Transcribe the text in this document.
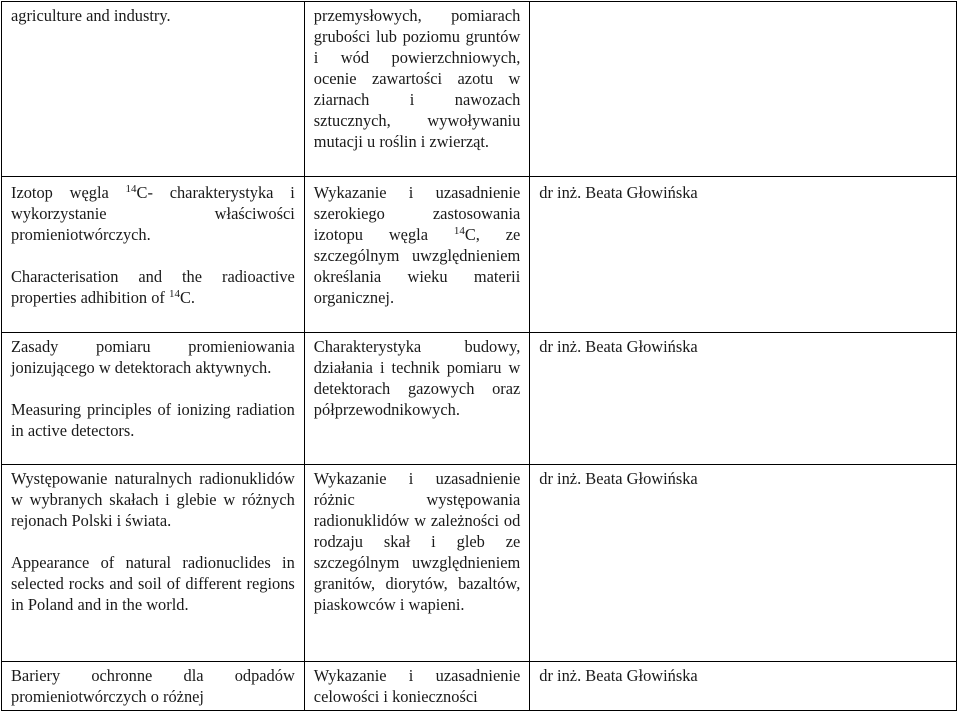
agriculture and industry.	przemysłowych, pomiarach grubości lub poziomu gruntów i wód powierzchniowych, ocenie zawartości azotu w ziarnach i nawozach sztucznych, wywoływaniu mutacji u roślin i zwierząt.	

Izotop węgla $^{14}$C- charakterystyka i wykorzystanie właściwości promieniotwórczych.
Characterisation and the radioactive properties adhibition of $^{14}$C.	Wykazanie i uzasadnienie szerokiego zastosowania izotopu węgla $^{14}$C, ze szczególnym uwzględnieniem określania wieku materii organicznej.	dr inż. Beata Głowińska

Zasady pomiaru promieniowania jonizującego w detektorach aktywnych.
Measuring principles of ionizing radiation in active detectors.	Charakterystyka budowy, działania i technik pomiaru w detektorach gazowych oraz półprzewodnikowych.	dr inż. Beata Głowińska

Występowanie naturalnych radionuklidów w wybranych skałach i glebie w różnych rejonach Polski i świata.
Appearance of natural radionuclides in selected rocks and soil of different regions in Poland and in the world.	Wykazanie i uzasadnienie różnic występowania radionuklidów w zależności od rodzaju skał i gleb ze szczególnym uwzględnieniem granitów, diorytów, bazaltów, piaskowców i wapieni.	dr inż. Beata Głowińska

Bariery ochronne dla odpadów promieniotwórczych o różnej	Wykazanie i uzasadnienie celowości i konieczności	dr inż. Beata Głowińska
